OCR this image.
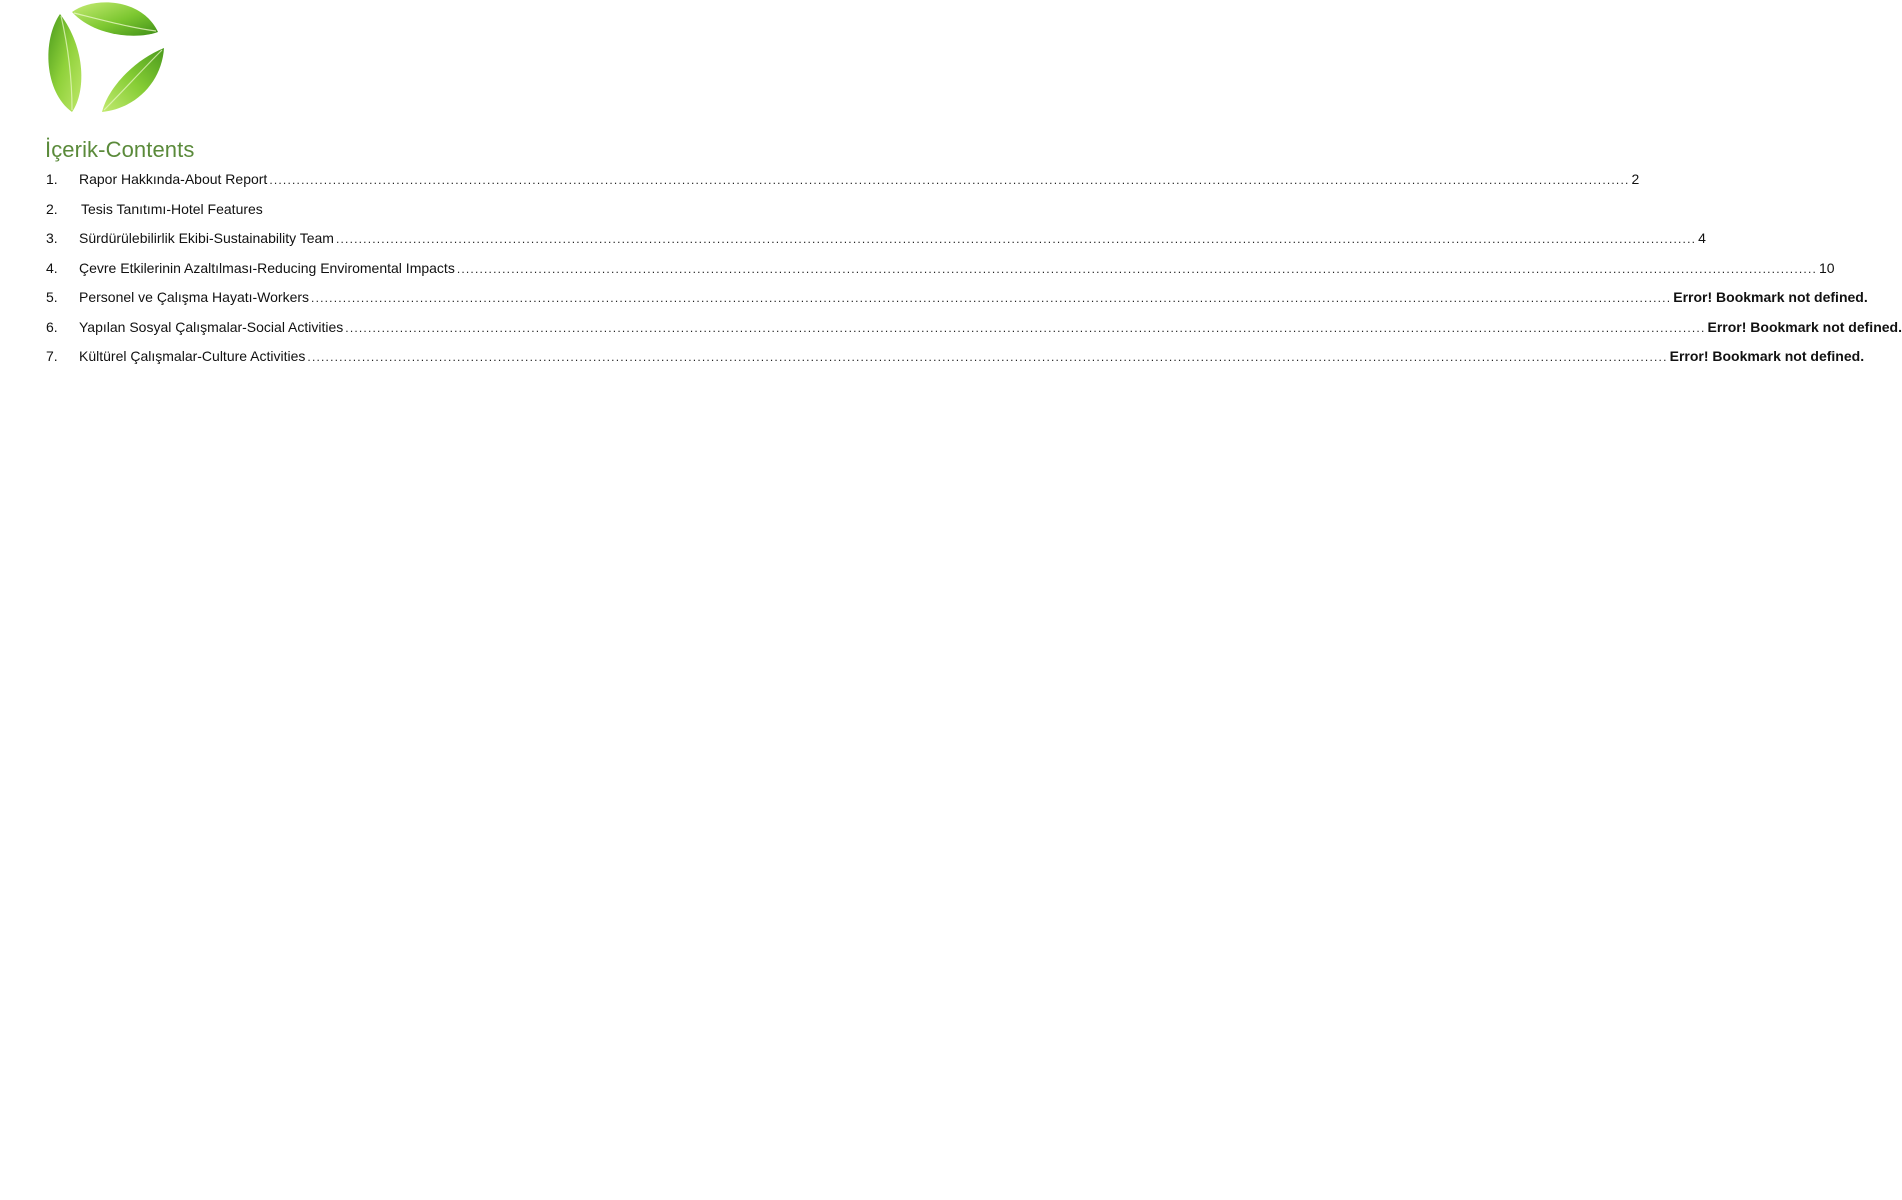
İçerik-Contents
1.	Rapor Hakkında-About Report ............................................................................................................................................................................................................................................................................................................ 2
2.	Tesis Tanıtımı-Hotel Features
3.	Sürdürülebilirlik Ekibi-Sustainability Team ............................................................................................................................................................................................................................................................................................................ 4
4.	Çevre Etkilerinin Azaltılması-Reducing Enviromental Impacts ............................................................................................................................................................................................................................................................................................................ 10
5.	Personel ve Çalışma Hayatı-Workers ............................................................................................................................................................................................................................................................................................................ Error! Bookmark not defined.
6.	Yapılan Sosyal Çalışmalar-Social Activities ............................................................................................................................................................................................................................................................................................................ Error! Bookmark not defined.
7.	Kültürel Çalışmalar-Culture Activities ............................................................................................................................................................................................................................................................................................................ Error! Bookmark not defined.
